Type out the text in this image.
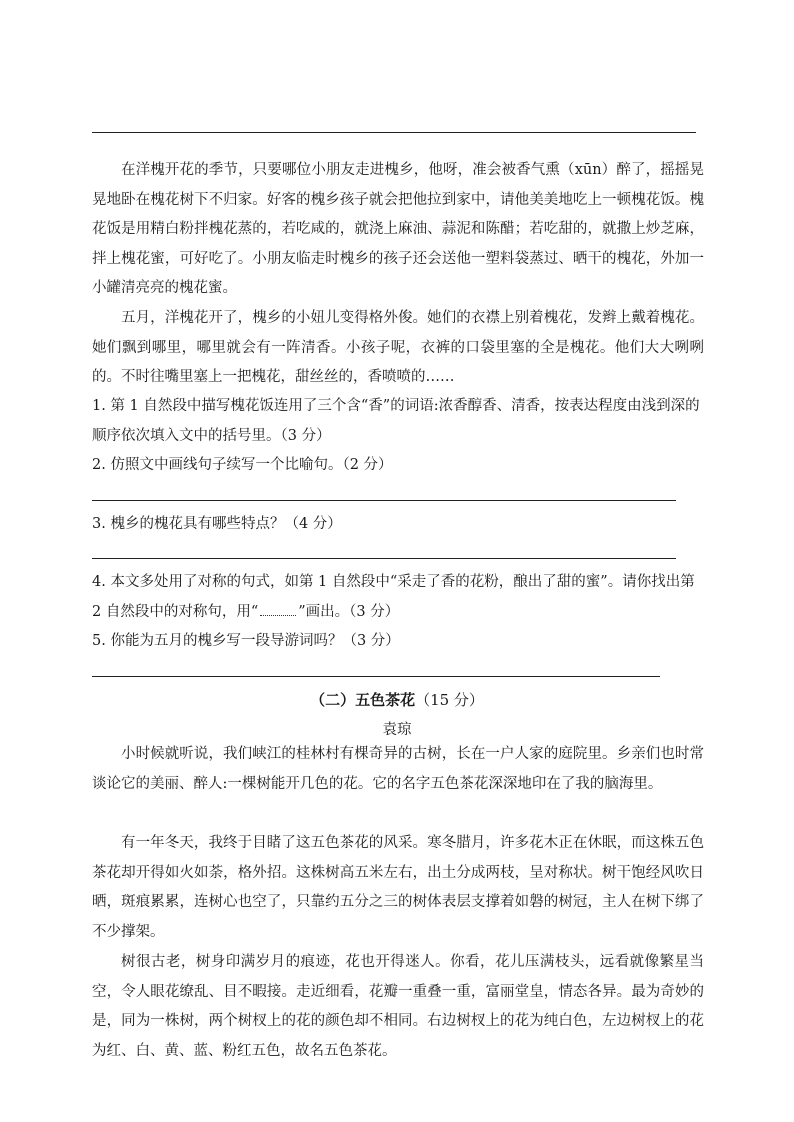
在洋槐开花的季节，只要哪位小朋友走进槐乡，他呀，准会被香气熏（xūn）醉了，摇摇晃晃地卧在槐花树下不归家。好客的槐乡孩子就会把他拉到家中，请他美美地吃上一顿槐花饭。槐花饭是用精白粉拌槐花蒸的，若吃咸的，就浇上麻油、蒜泥和陈醋；若吃甜的，就撒上炒芝麻，拌上槐花蜜，可好吃了。小朋友临走时槐乡的孩子还会送他一塑料袋蒸过、晒干的槐花，外加一小罐清亮亮的槐花蜜。

五月，洋槐花开了，槐乡的小妞儿变得格外俊。她们的衣襟上别着槐花，发辫上戴着槐花。她们飘到哪里，哪里就会有一阵清香。小孩子呢，衣裤的口袋里塞的全是槐花。他们大大咧咧的。不时往嘴里塞上一把槐花，甜丝丝的，香喷喷的……

1. 第 1 自然段中描写槐花饭连用了三个含“香”的词语:浓香醇香、清香，按表达程度由浅到深的顺序依次填入文中的括号里。（3 分）

2. 仿照文中画线句子续写一个比喻句。（2 分）

3. 槐乡的槐花具有哪些特点？（4 分）

4. 本文多处用了对称的句式，如第 1 自然段中“采走了香的花粉，酿出了甜的蜜”。请你找出第 2 自然段中的对称句，用“	”画出。（3 分）

5. 你能为五月的槐乡写一段导游词吗？（3 分）

（二）五色茶花（15 分）
袁琼

小时候就听说，我们峡江的桂林村有棵奇异的古树，长在一户人家的庭院里。乡亲们也时常谈论它的美丽、醉人:一棵树能开几色的花。它的名字五色茶花深深地印在了我的脑海里。

有一年冬天，我终于目睹了这五色茶花的风采。寒冬腊月，许多花木正在休眠，而这株五色茶花却开得如火如荼，格外招。这株树高五米左右，出土分成两枝，呈对称状。树干饱经风吹日晒，斑痕累累，连树心也空了，只靠约五分之三的树体表层支撑着如磐的树冠，主人在树下绑了不少撑架。

树很古老，树身印满岁月的痕迹，花也开得迷人。你看，花儿压满枝头，远看就像繁星当空，令人眼花缭乱、目不暇接。走近细看，花瓣一重叠一重，富丽堂皇，情态各异。最为奇妙的是，同为一株树，两个树杈上的花的颜色却不相同。右边树杈上的花为纯白色，左边树杈上的花为红、白、黄、蓝、粉红五色，故名五色茶花。
